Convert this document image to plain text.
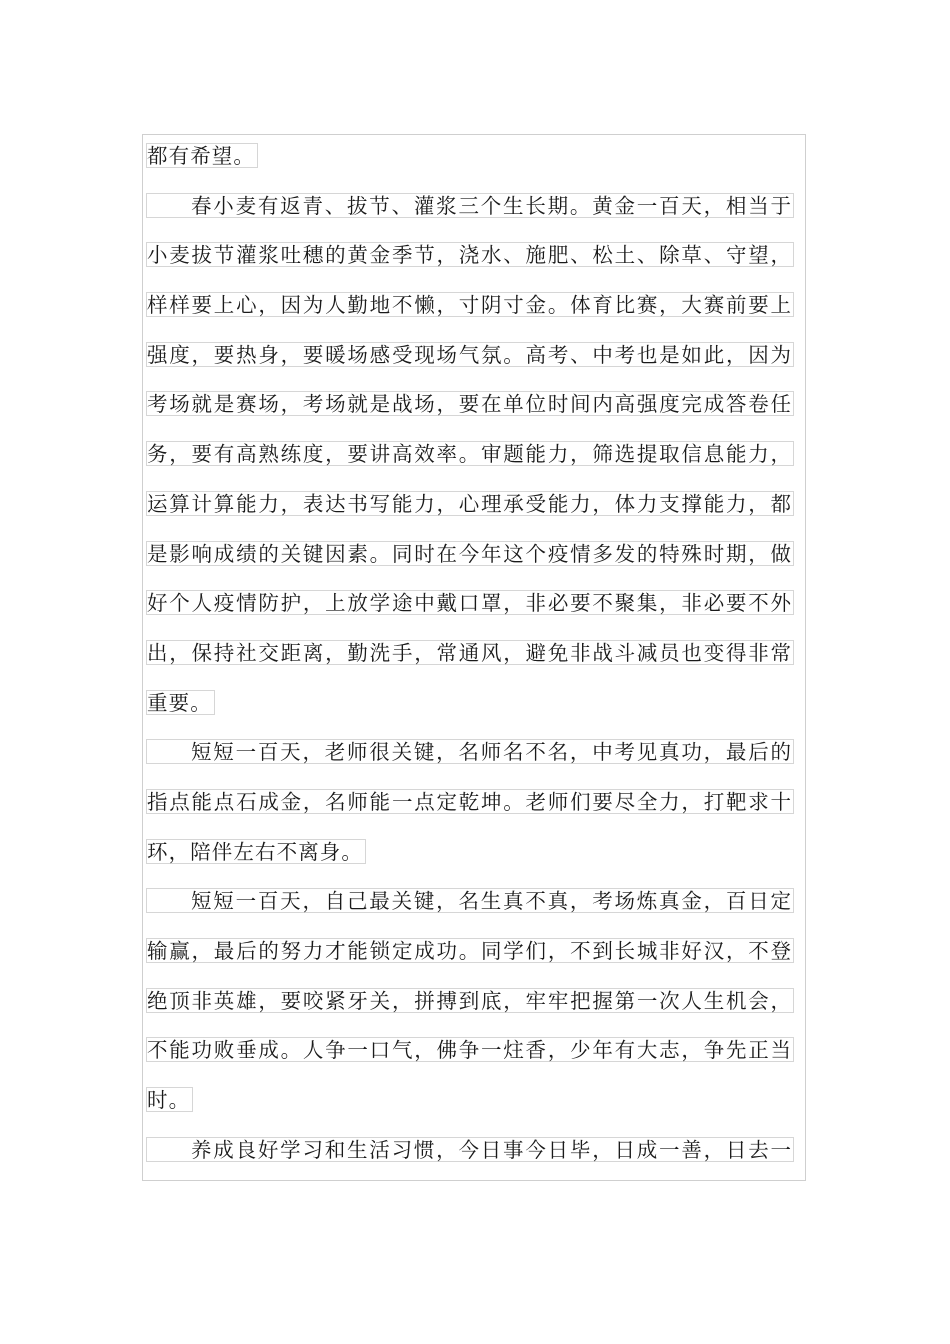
都有希望。
春小麦有返青、拔节、灌浆三个生长期。黄金一百天，相当于
小麦拔节灌浆吐穗的黄金季节，浇水、施肥、松土、除草、守望，
样样要上心，因为人勤地不懒，寸阴寸金。体育比赛，大赛前要上
强度，要热身，要暖场感受现场气氛。高考、中考也是如此，因为
考场就是赛场，考场就是战场，要在单位时间内高强度完成答卷任
务，要有高熟练度，要讲高效率。审题能力，筛选提取信息能力，
运算计算能力，表达书写能力，心理承受能力，体力支撑能力，都
是影响成绩的关键因素。同时在今年这个疫情多发的特殊时期，做
好个人疫情防护，上放学途中戴口罩，非必要不聚集，非必要不外
出，保持社交距离，勤洗手，常通风，避免非战斗减员也变得非常
重要。
短短一百天，老师很关键，名师名不名，中考见真功，最后的
指点能点石成金，名师能一点定乾坤。老师们要尽全力，打靶求十
环，陪伴左右不离身。
短短一百天，自己最关键，名生真不真，考场炼真金，百日定
输赢，最后的努力才能锁定成功。同学们，不到长城非好汉，不登
绝顶非英雄，要咬紧牙关，拼搏到底，牢牢把握第一次人生机会，
不能功败垂成。人争一口气，佛争一炷香，少年有大志，争先正当
时。
养成良好学习和生活习惯，今日事今日毕，日成一善，日去一
